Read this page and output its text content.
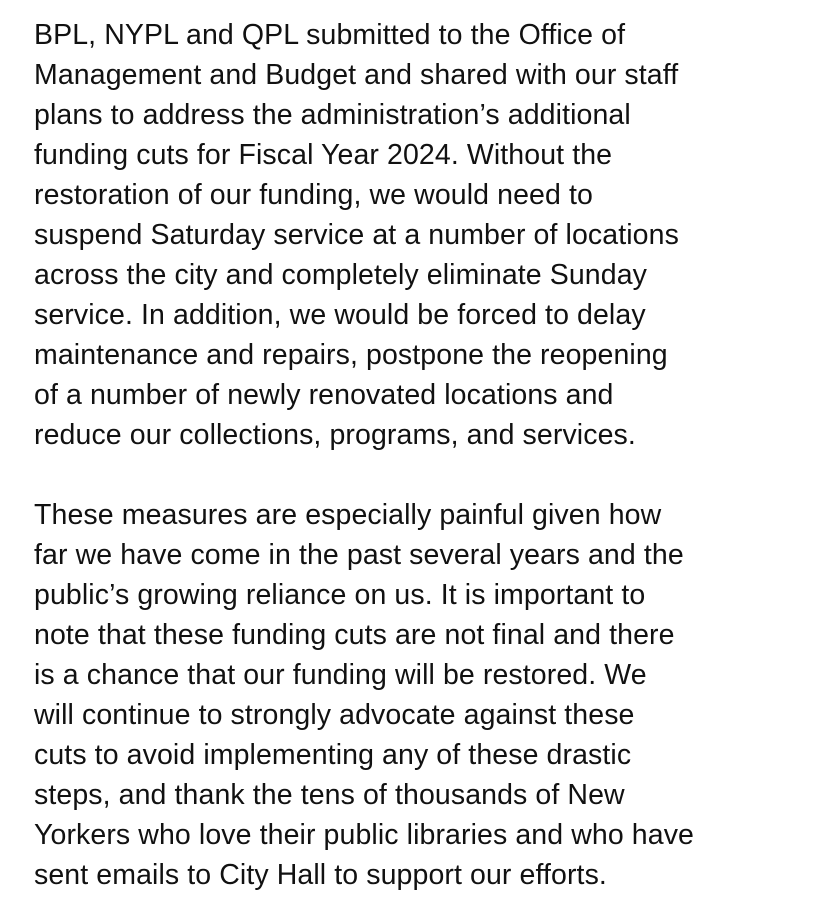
BPL, NYPL and QPL submitted to the Office of
Management and Budget and shared with our staff
plans to address the administration’s additional
funding cuts for Fiscal Year 2024. Without the
restoration of our funding, we would need to
suspend Saturday service at a number of locations
across the city and completely eliminate Sunday
service. In addition, we would be forced to delay
maintenance and repairs, postpone the reopening
of a number of newly renovated locations and
reduce our collections, programs, and services.

These measures are especially painful given how
far we have come in the past several years and the
public’s growing reliance on us. It is important to
note that these funding cuts are not final and there
is a chance that our funding will be restored. We
will continue to strongly advocate against these
cuts to avoid implementing any of these drastic
steps, and thank the tens of thousands of New
Yorkers who love their public libraries and who have
sent emails to City Hall to support our efforts.
